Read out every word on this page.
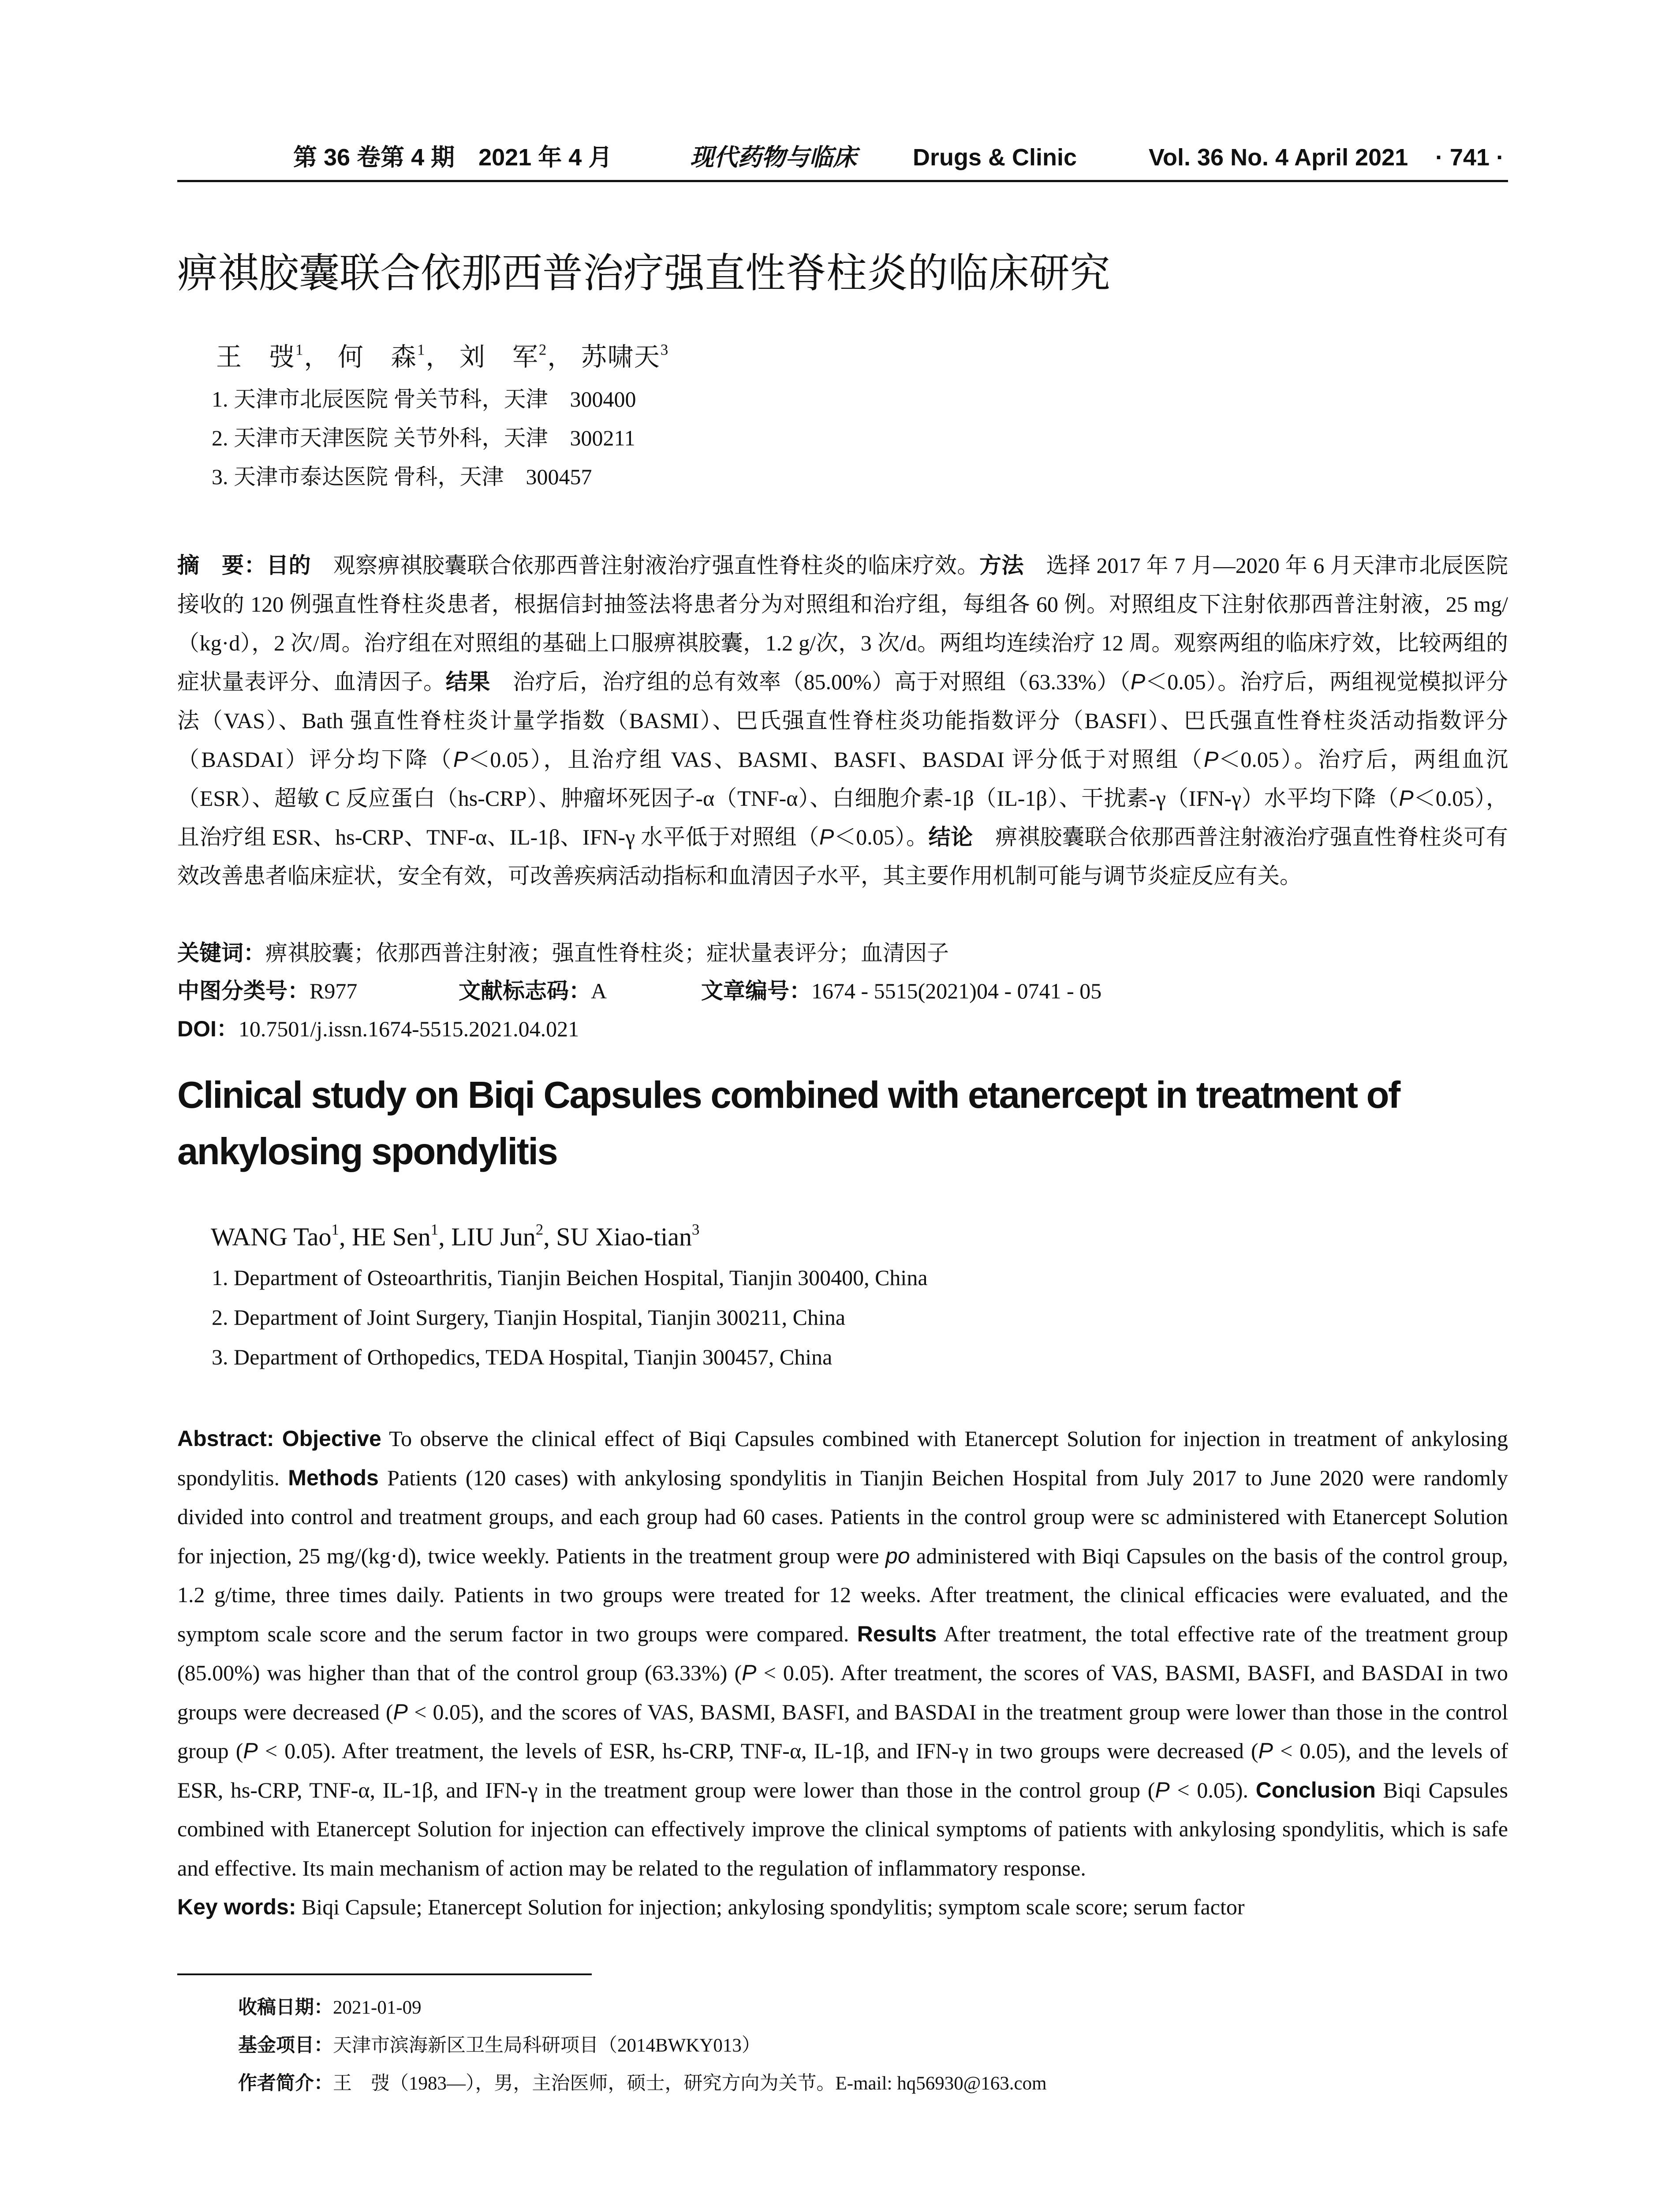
第 36 卷第 4 期　2021 年 4 月	现代药物与临床 Drugs & Clinic	Vol. 36 No. 4 April 2021 · 741 ·
痹祺胶囊联合依那西普治疗强直性脊柱炎的临床研究
王　弢$^1$， 何　森$^1$， 刘　军$^2$， 苏啸天$^3$
1. 天津市北辰医院 骨关节科，天津　300400
2. 天津市天津医院 关节外科，天津　300211
3. 天津市泰达医院 骨科，天津　300457

摘　要：目的　观察痹祺胶囊联合依那西普注射液治疗强直性脊柱炎的临床疗效。方法　选择 2017 年 7 月—2020 年 6 月天津市北辰医院接收的 120 例强直性脊柱炎患者，根据信封抽签法将患者分为对照组和治疗组，每组各 60 例。对照组皮下注射依那西普注射液，25 mg/（kg·d），2 次/周。治疗组在对照组的基础上口服痹祺胶囊，1.2 g/次，3 次/d。两组均连续治疗 12 周。观察两组的临床疗效，比较两组的症状量表评分、血清因子。结果　治疗后，治疗组的总有效率（85.00%）高于对照组（63.33%）（P＜0.05）。治疗后，两组视觉模拟评分法（VAS）、Bath 强直性脊柱炎计量学指数（BASMI）、巴氏强直性脊柱炎功能指数评分（BASFI）、巴氏强直性脊柱炎活动指数评分（BASDAI）评分均下降（P＜0.05），且治疗组 VAS、BASMI、BASFI、BASDAI 评分低于对照组（P＜0.05）。治疗后，两组血沉（ESR）、超敏 C 反应蛋白（hs-CRP）、肿瘤坏死因子-α（TNF-α）、白细胞介素-1β（IL-1β）、干扰素-γ（IFN-γ）水平均下降（P＜0.05），且治疗组 ESR、hs-CRP、TNF-α、IL-1β、IFN-γ 水平低于对照组（P＜0.05）。结论　痹祺胶囊联合依那西普注射液治疗强直性脊柱炎可有效改善患者临床症状，安全有效，可改善疾病活动指标和血清因子水平，其主要作用机制可能与调节炎症反应有关。

关键词：痹祺胶囊；依那西普注射液；强直性脊柱炎；症状量表评分；血清因子
中图分类号：R977	文献标志码：A	文章编号：1674 - 5515(2021)04 - 0741 - 05
DOI：10.7501/j.issn.1674-5515.2021.04.021
Clinical study on Biqi Capsules combined with etanercept in treatment of ankylosing spondylitis
WANG Tao$^1$, HE Sen$^1$, LIU Jun$^2$, SU Xiao-tian$^3$
1. Department of Osteoarthritis, Tianjin Beichen Hospital, Tianjin 300400, China
2. Department of Joint Surgery, Tianjin Hospital, Tianjin 300211, China
3. Department of Orthopedics, TEDA Hospital, Tianjin 300457, China

Abstract: Objective To observe the clinical effect of Biqi Capsules combined with Etanercept Solution for injection in treatment of ankylosing spondylitis. Methods Patients (120 cases) with ankylosing spondylitis in Tianjin Beichen Hospital from July 2017 to June 2020 were randomly divided into control and treatment groups, and each group had 60 cases. Patients in the control group were sc administered with Etanercept Solution for injection, 25 mg/(kg·d), twice weekly. Patients in the treatment group were po administered with Biqi Capsules on the basis of the control group, 1.2 g/time, three times daily. Patients in two groups were treated for 12 weeks. After treatment, the clinical efficacies were evaluated, and the symptom scale score and the serum factor in two groups were compared. Results After treatment, the total effective rate of the treatment group (85.00%) was higher than that of the control group (63.33%) (P < 0.05). After treatment, the scores of VAS, BASMI, BASFI, and BASDAI in two groups were decreased (P < 0.05), and the scores of VAS, BASMI, BASFI, and BASDAI in the treatment group were lower than those in the control group (P < 0.05). After treatment, the levels of ESR, hs-CRP, TNF-α, IL-1β, and IFN-γ in two groups were decreased (P < 0.05), and the levels of ESR, hs-CRP, TNF-α, IL-1β, and IFN-γ in the treatment group were lower than those in the control group (P < 0.05). Conclusion Biqi Capsules combined with Etanercept Solution for injection can effectively improve the clinical symptoms of patients with ankylosing spondylitis, which is safe and effective. Its main mechanism of action may be related to the regulation of inflammatory response.

Key words: Biqi Capsule; Etanercept Solution for injection; ankylosing spondylitis; symptom scale score; serum factor

收稿日期：2021-01-09
基金项目：天津市滨海新区卫生局科研项目（2014BWKY013）
作者简介：王　弢（1983—），男，主治医师，硕士，研究方向为关节。E-mail: hq56930@163.com
